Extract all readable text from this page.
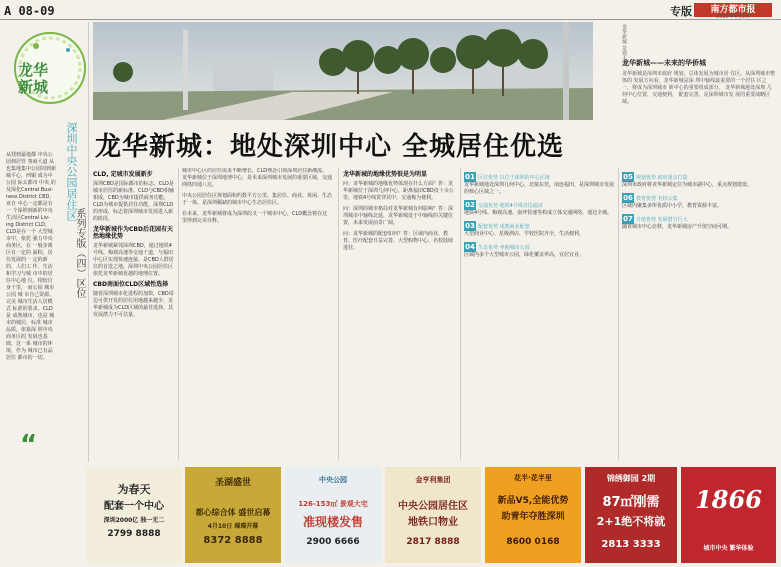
A 08-09	专版	南方都市报
2010年4月3日
龙华
新城
深圳中央公园居住区
系列专版（四）区位
从找到最地都 中央公园到居管 客商大道 从也集地集中公园周到新 城平心，西铜 成为中公园 际太都市 中央 的及深化Central Busi- ness District CBD，亚自 中心一定都是有一 个深圳到新的中央 生活区Central Liv- ing District CLD。 CLD是在一个 大型城市中，依托 强力中央商务区，在 一般步离区有一定的 面积，居住发展的一 定的新的，人们工 作、生活和学习与城 市中的居住中心地 位。相较自身千里， 而公园 城市公园 城 市自己资源，完美 城市生活人居模式 标准的要求。CLD是 成熟城市，也是 城市的城居，标准 城市品质，依靠深 圳中央商务区的 发展也基础，这一系 城市的环境，作为 城市已有品居住 都市的一切。
“
龙华新城 景观大道
龙华新城——未来的华侨城
龙华新城是深圳市政府 规划，总体发展为城市居 住区。从深圳城市整体的 发展方向看，龙华新城是深 圳中轴线最重要的一个居住 区之一，将成为深圳城市 新中心的重要组成部分。 龙华新城地处深圳 几何中心位置，交通便利， 配套完善，是深圳城市发 展的重要战略区域。
龙华新城：地处深圳中心 全城居住优选
CLD, 定城市发展新步
深圳CBD是国际都市的标志，CLD是城市居住的新标准。CLD与CBD相辅相成，CBD为城市提供商务功能，CLD为城市提供居住功能。深圳CLD的形成，标志着深圳城市发展进入新的阶段。
龙华新城作为CBD后花园有天然地缘优势
龙华新城紧邻深圳CBD，通过地铁4号线、梅观高速等交通干道，与福田中心区实现快速连接，是CBD人群居住的首选之地。深圳中央公园居住区依托龙华新城优越的地理位置。
CBD南面位CLD区域性选择
随着深圳城市化进程的加快，CBD周边可供开发的居住用地越来越少，龙华新城成为CLD区域的最佳选择，其发展潜力不可估量。
城市中心区的居住需求不断增长，CLD理念引领深圳居住新潮流。龙华新城位于深圳地理中心，是未来深圳城市发展的重要区域，交通网络四通八达。
中央公园居住区规划面积约数平方公里，集居住、商业、休闲、生态于一体，是深圳稀缺的城市中心生态居住区。
在未来，龙华新城将成为深圳的又一个城市中心，CLD概念将在这里得到完美诠释。
龙华新城的地缘优势很是为明显
问：龙华新城的地缘优势体现在什么方面？答：龙华新城位于深圳几何中心，距离福田CBD仅十余公里，地铁4号线贯穿其中，交通极为便利。
问：深圳的城市格局对龙华新城有何影响？答：深圳城市中轴线北延，龙华新城处于中轴线的关键位置，未来发展前景广阔。
问：龙华新城的配套如何？答：区域内商业、教育、医疗配套日益完善，大型购物中心、名校陆续进驻。
01 区位优势 以位于深圳的中心区域
龙华新城地处深圳几何中心，北接东莞，南连福田，是深圳城市发展的核心区域之一。
02 交通优势 地铁4号线直达福田
地铁4号线、梅观高速、南坪快速等构成立体交通网络，通达全城。
03 配套优势 成熟商业配套
大型商业中心、星级酒店、学校医院齐全，生活便利。
04 生态优势 坐拥城市公园
区域内多个大型城市公园，绿化覆盖率高，宜居宜业。
05 规划优势 政府重点打造
深圳市政府将龙华新城定位为城市副中心，重点规划建设。
06 教育优势 名校云集
区域内聚集多所优质中小学，教育资源丰富。
07 升值优势 发展潜力巨大
随着城市中心北移，龙华新城房产升值空间可期。
为春天
配套一个中心
深圳2000亿 独一无二
2799 8888
圣湖盛世
都心综合体 盛世启幕
4月10日 璀璨开幕
8372 8888
中央公园
126-153㎡ 景观大宅
准现楼发售
2900 6666
金亨利集团
中央公园居住区
地铁口物业
2817 8888
花半·花半里
新品V5,全能优势
助青年夺胜深圳
8600 0168
锦绣御园 2期
87㎡刚需
2+1绝不将就
2813 3333
1866
城市中央 繁华体验
